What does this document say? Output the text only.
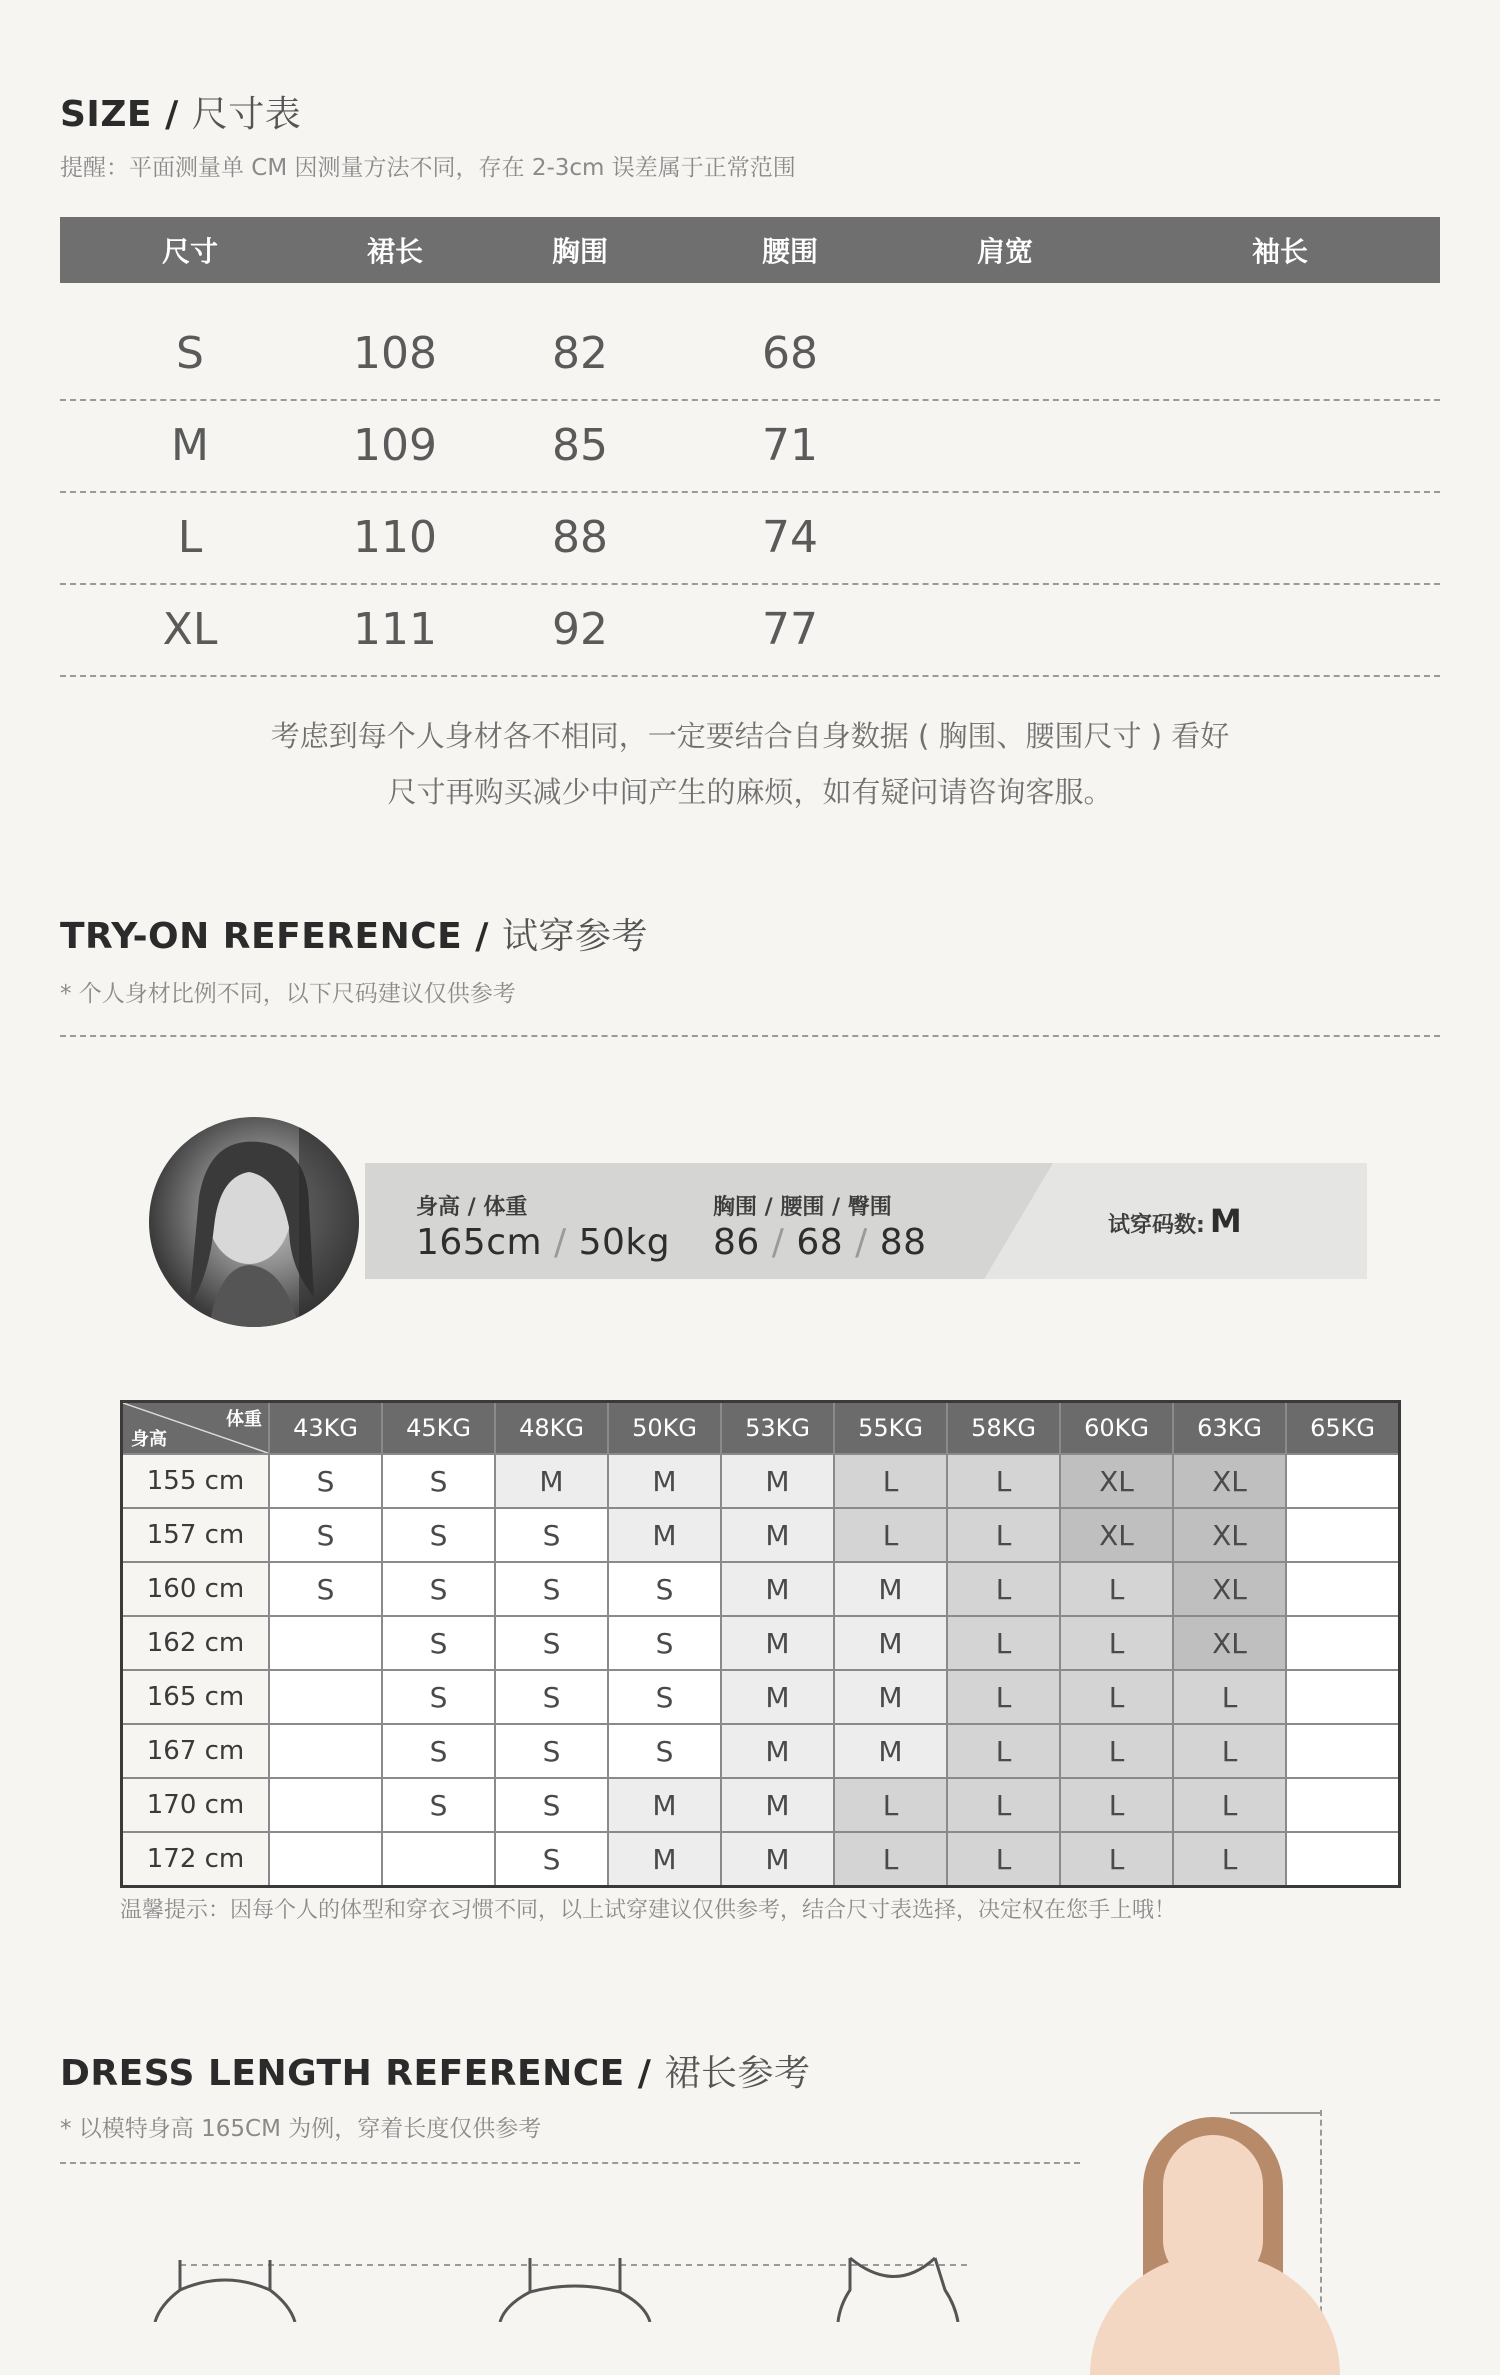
SIZE / 尺寸表
提醒：平面测量单 CM 因测量方法不同，存在 2-3cm 误差属于正常范围
尺寸	裙长	胸围	腰围	肩宽	袖长
S	108	82	68
M	109	85	71
L	110	88	74
XL	111	92	77
考虑到每个人身材各不相同，一定要结合自身数据 ( 胸围、腰围尺寸 ) 看好
尺寸再购买减少中间产生的麻烦，如有疑问请咨询客服。
TRY-ON REFERENCE / 试穿参考
* 个人身材比例不同，以下尺码建议仅供参考
身高 / 体重
165cm / 50kg
胸围 / 腰围 / 臀围
86 / 68 / 88	试穿码数: M
体重
身高	43KG	45KG	48KG	50KG	53KG	55KG	58KG	60KG	63KG	65KG
155 cm	S	S	M	M	M	L	L	XL	XL	
157 cm	S	S	S	M	M	L	L	XL	XL	
160 cm	S	S	S	S	M	M	L	L	XL	
162 cm		S	S	S	M	M	L	L	XL	
165 cm		S	S	S	M	M	L	L	L	
167 cm		S	S	S	M	M	L	L	L	
170 cm		S	S	M	M	L	L	L	L	
172 cm			S	M	M	L	L	L	L	
温馨提示：因每个人的体型和穿衣习惯不同，以上试穿建议仅供参考，结合尺寸表选择，决定权在您手上哦！
DRESS LENGTH REFERENCE / 裙长参考
* 以模特身高 165CM 为例，穿着长度仅供参考
